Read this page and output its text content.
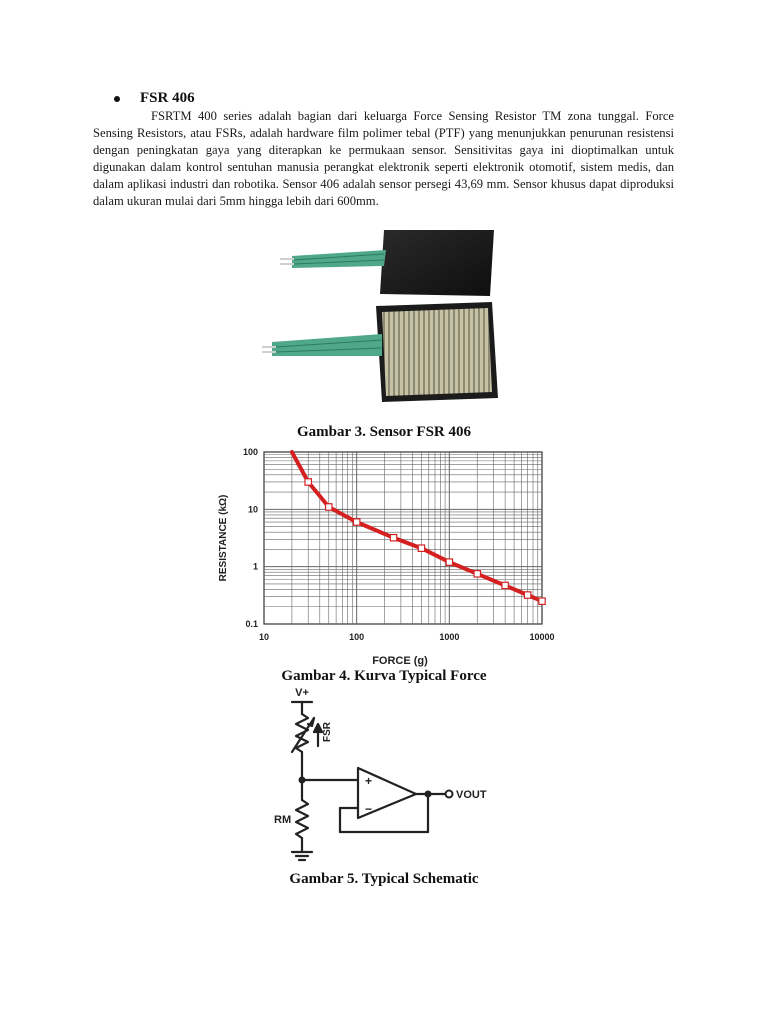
FSR 406
FSRTM 400 series adalah bagian dari keluarga Force Sensing Resistor TM zona tunggal. Force Sensing Resistors, atau FSRs, adalah hardware film polimer tebal (PTF) yang menunjukkan penurunan resistensi dengan peningkatan gaya yang diterapkan ke permukaan sensor. Sensitivitas gaya ini dioptimalkan untuk digunakan dalam kontrol sentuhan manusia perangkat elektronik seperti elektronik otomotif, sistem medis, dan dalam aplikasi industri dan robotika. Sensor 406 adalah sensor persegi 43,69 mm. Sensor khusus dapat diproduksi dalam ukuran mulai dari 5mm hingga lebih dari 600mm.
Gambar 3. Sensor FSR 406
10	100	1000	10000
100
10
1
0.1
FORCE (g)
RESISTANCE (kΩ)
Gambar 4. Kurva Typical Force
V+
FSR
RM
VOUT
+
−
Gambar 5. Typical Schematic
